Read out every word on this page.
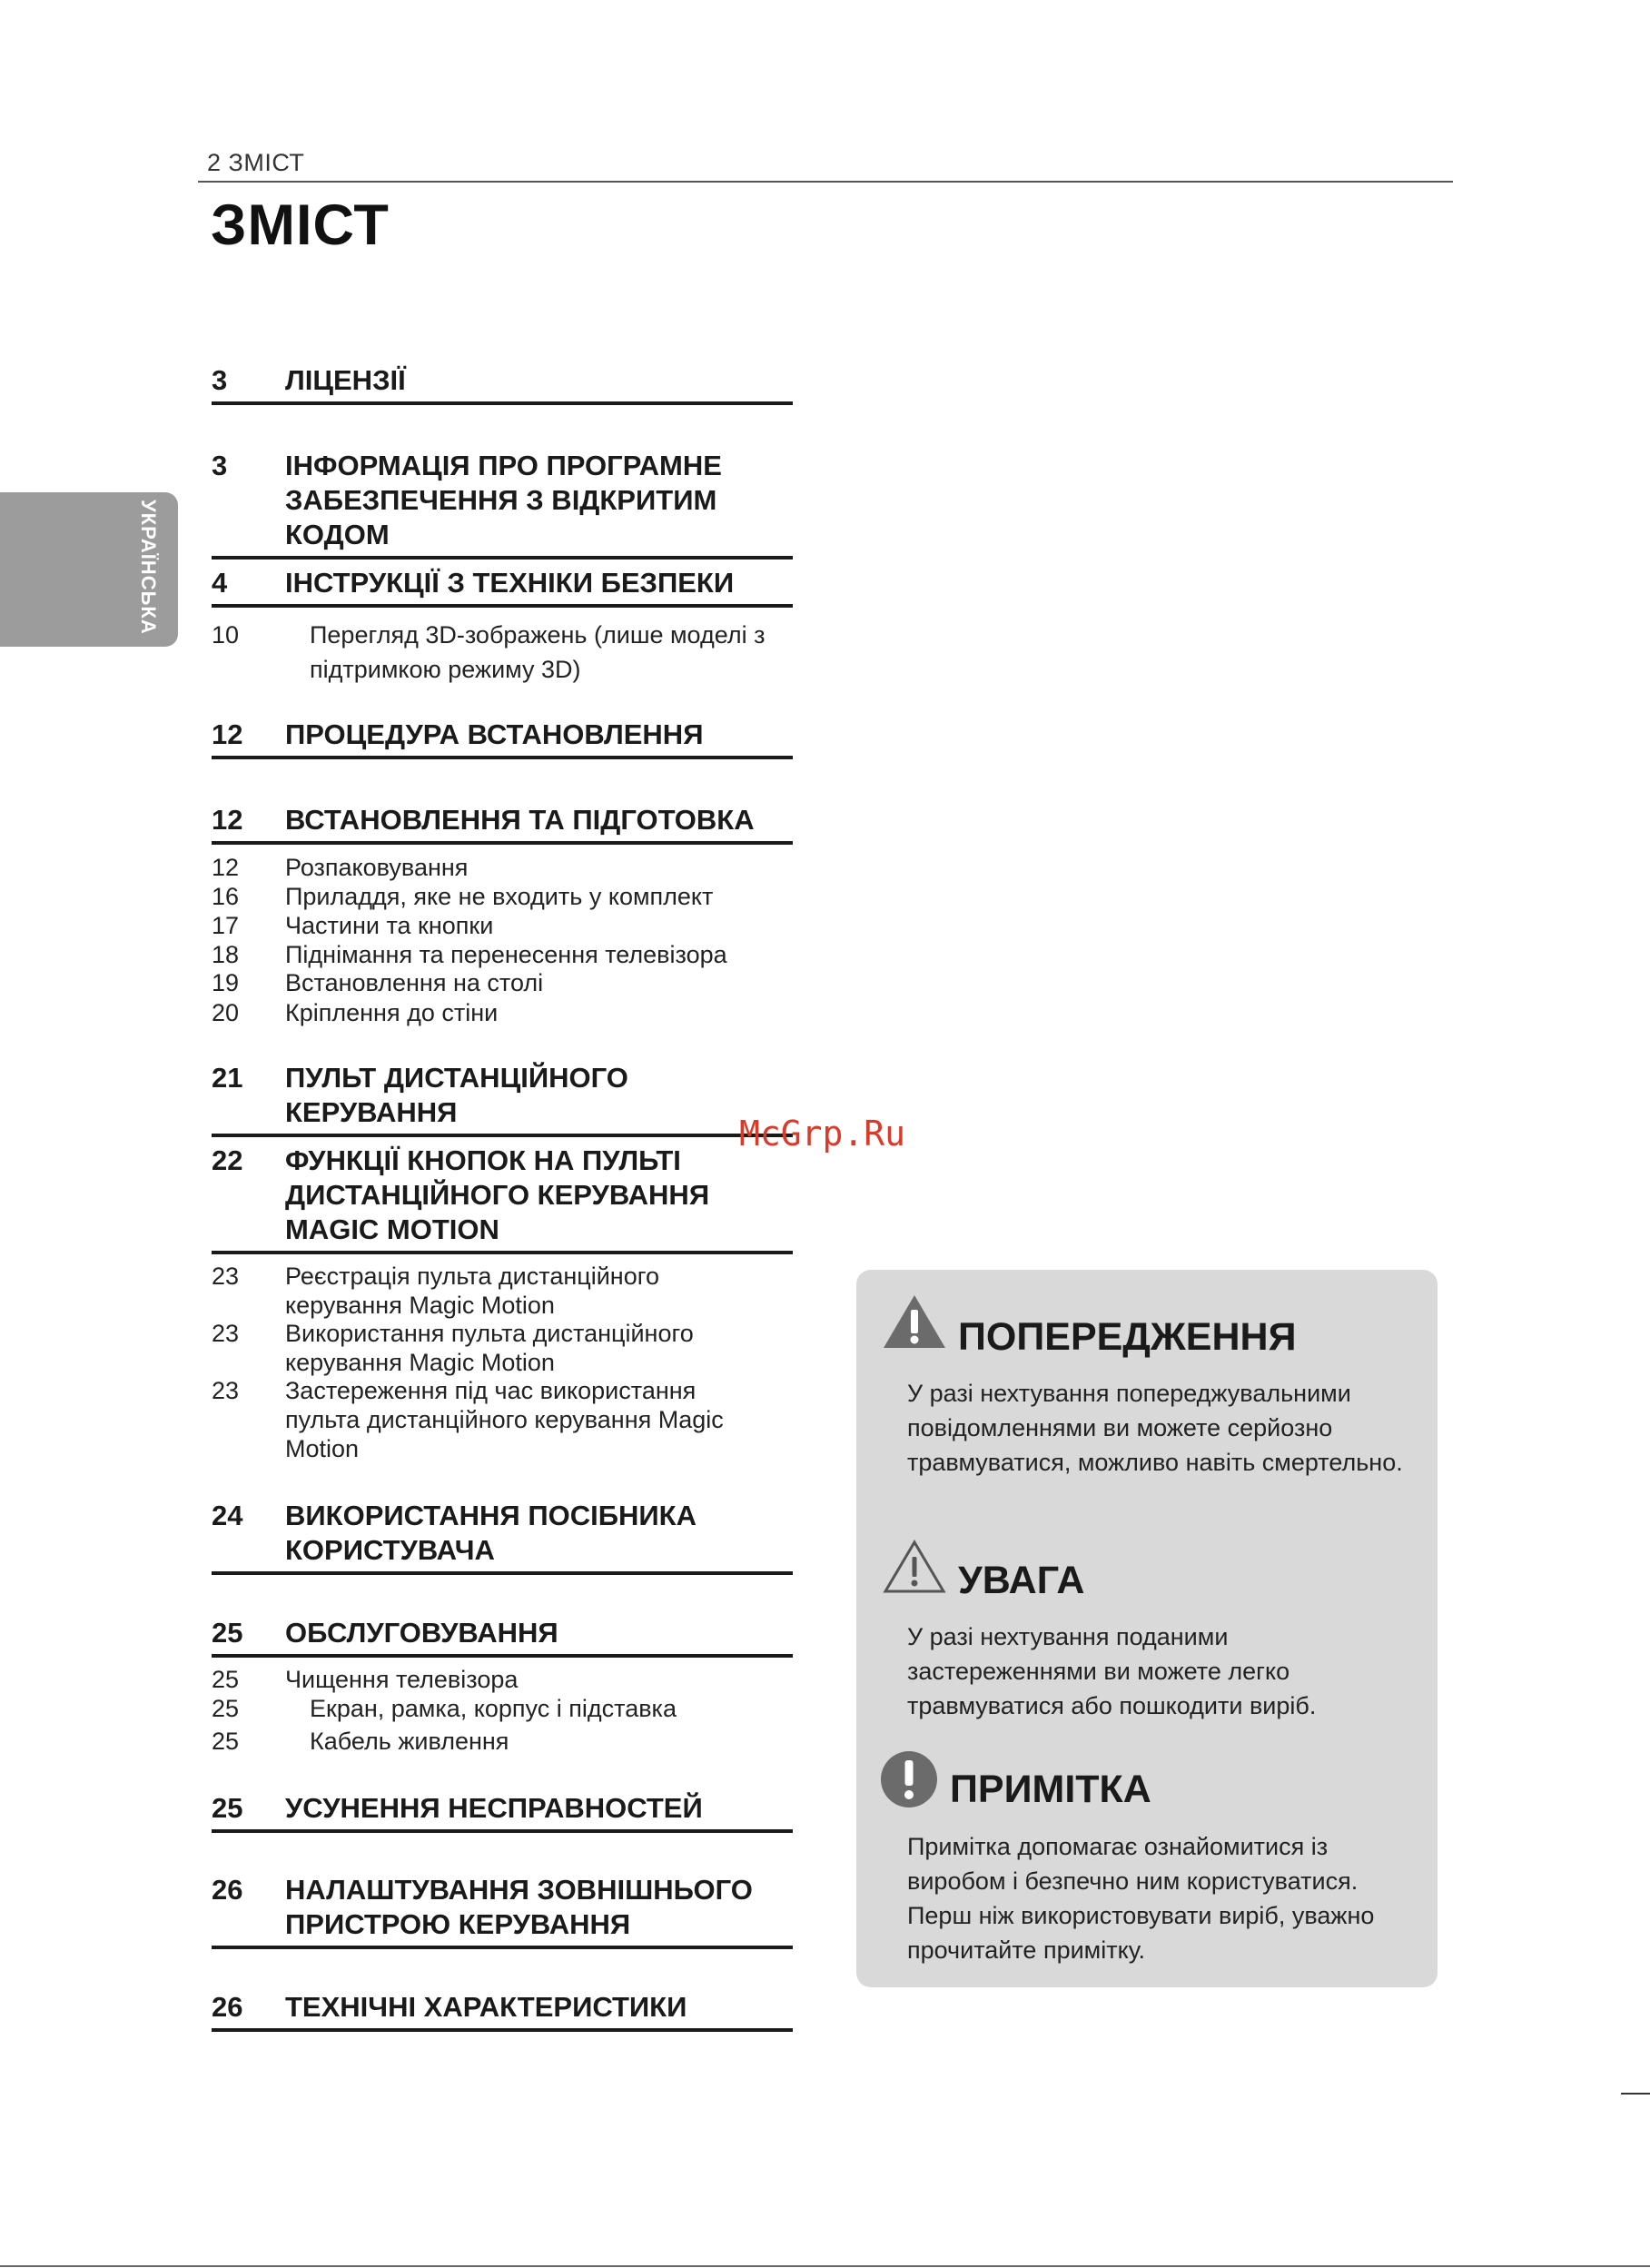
2 ЗМІСТ
ЗМІСТ
УКРАЇНСЬКА
3 ЛІЦЕНЗІЇ
3 ІНФОРМАЦІЯ ПРО ПРОГРАМНЕ ЗАБЕЗПЕЧЕННЯ З ВІДКРИТИМ КОДОМ
4 ІНСТРУКЦІЇ З ТЕХНІКИ БЕЗПЕКИ
10	Перегляд 3D-зображень (лише моделі з підтримкою режиму 3D)
12 ПРОЦЕДУРА ВСТАНОВЛЕННЯ
12 ВСТАНОВЛЕННЯ ТА ПІДГОТОВКА
12 Розпаковування
16 Приладдя, яке не входить у комплект
17 Частини та кнопки
18 Піднімання та перенесення телевізора
19 Встановлення на столі
20 Кріплення до стіни
21 ПУЛЬТ ДИСТАНЦІЙНОГО КЕРУВАННЯ
22 ФУНКЦІЇ КНОПОК НА ПУЛЬТІ ДИСТАНЦІЙНОГО КЕРУВАННЯ MAGIC MOTION
23 Реєстрація пульта дистанційного керування Magic Motion
23 Використання пульта дистанційного керування Magic Motion
23 Застереження під час використання пульта дистанційного керування Magic Motion
24 ВИКОРИСТАННЯ ПОСІБНИКА КОРИСТУВАЧА
25 ОБСЛУГОВУВАННЯ
25 Чищення телевізора
25	Екран, рамка, корпус і підставка
25	Кабель живлення
25 УСУНЕННЯ НЕСПРАВНОСТЕЙ
26 НАЛАШТУВАННЯ ЗОВНІШНЬОГО ПРИСТРОЮ КЕРУВАННЯ
26 ТЕХНІЧНІ ХАРАКТЕРИСТИКИ
ПОПЕРЕДЖЕННЯ
У разі нехтування попереджувальними повідомленнями ви можете серйозно травмуватися, можливо навіть смертельно.
УВАГА
У разі нехтування поданими застереженнями ви можете легко травмуватися або пошкодити виріб.
ПРИМІТКА
Примітка допомагає ознайомитися із виробом і безпечно ним користуватися. Перш ніж використовувати виріб, уважно прочитайте примітку.
McGrp.Ru
